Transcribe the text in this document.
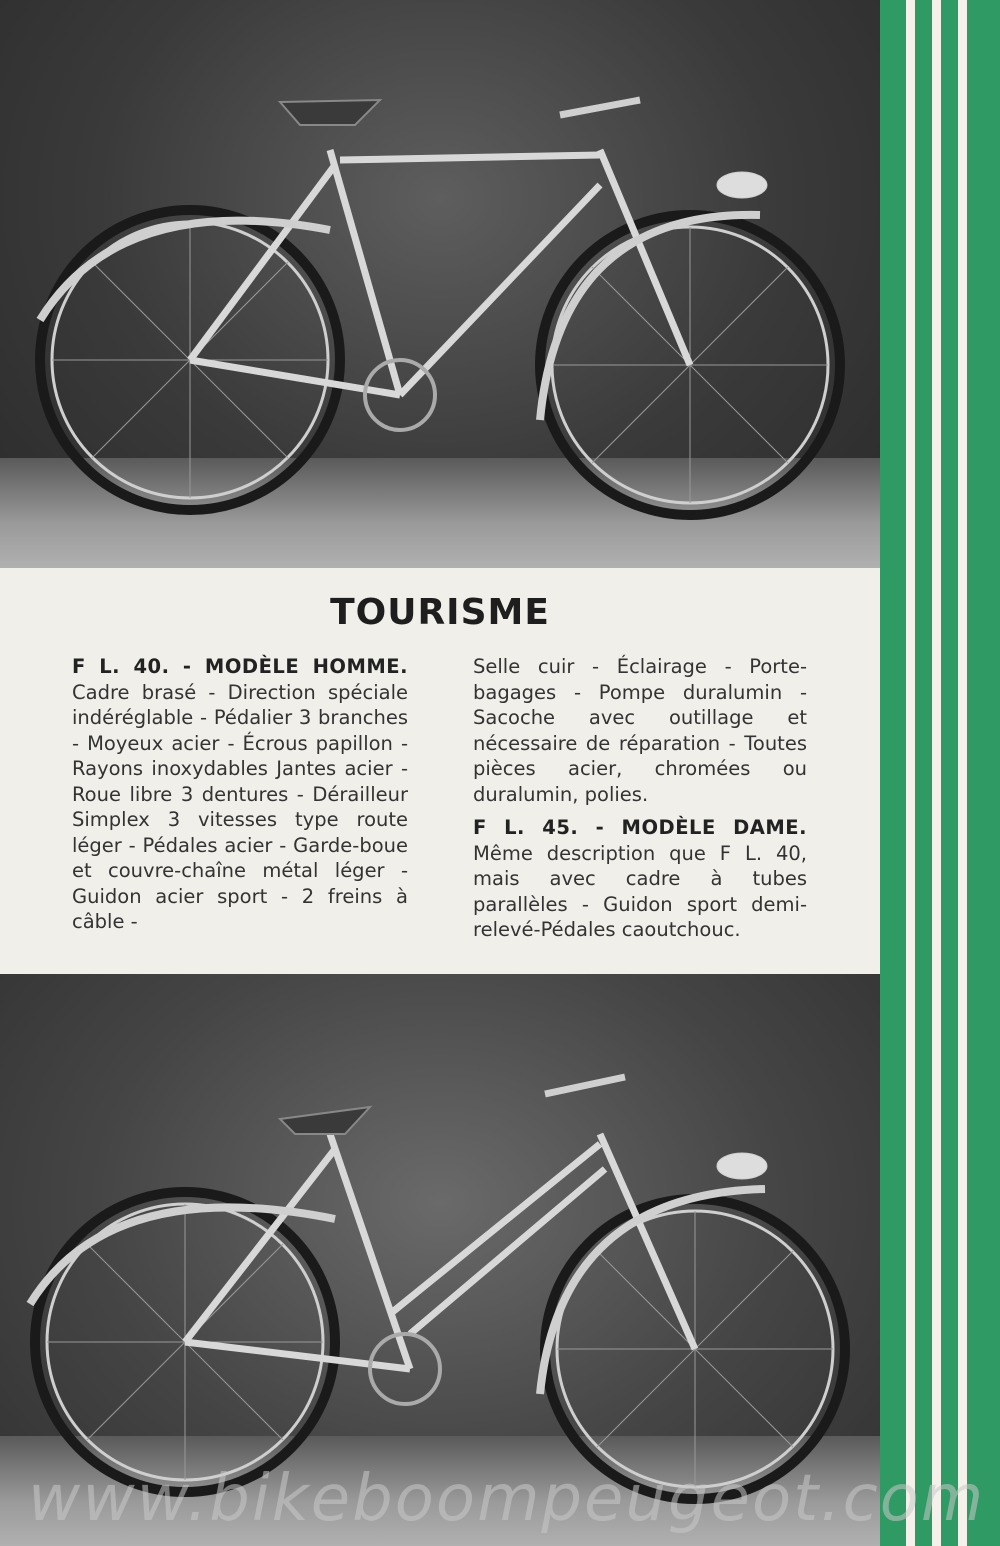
TOURISME
F L. 40. - MODÈLE HOMME.
Cadre brasé - Direction spéciale indéréglable - Pédalier 3 branches - Moyeux acier - Écrous papillon - Rayons inoxydables Jantes acier - Roue libre 3 dentures - Dérailleur Simplex 3 vitesses type route léger - Pédales acier - Garde-boue et couvre-chaîne métal léger - Guidon acier sport - 2 freins à câble -
Selle cuir - Éclairage - Porte-bagages - Pompe duralumin - Sacoche avec outillage et nécessaire de réparation - Toutes pièces acier, chromées ou duralumin, polies.
F L. 45. - MODÈLE DAME.
Même description que F L. 40, mais avec cadre à tubes parallèles - Guidon sport demi-relevé-Pédales caoutchouc.
www.bikeboompeugeot.com
